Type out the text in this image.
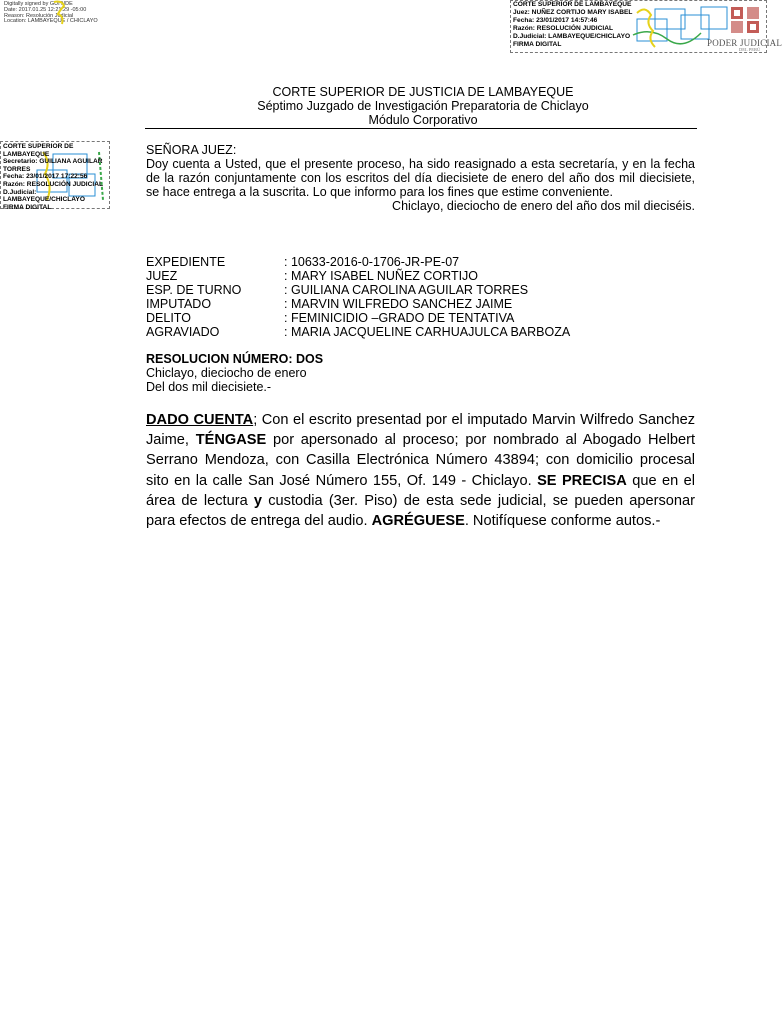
Digitally signed by GUI NDE
Date: 2017.01.25 12:21:29 -05:00
Reason: Resolución Judicial
Location: LAMBAYEQUE / CHICLAYO
CORTE SUPERIOR DE LAMBAYEQUE
Juez: NUÑEZ CORTIJO MARY ISABEL
Fecha: 23/01/2017 14:57:46
Razón: RESOLUCIÓN JUDICIAL
D.Judicial: LAMBAYEQUE/CHICLAYO
FIRMA DIGITAL	PODER JUDICIAL
DEL PERÚ
CORTE SUPERIOR DE
LAMBAYEQUE
Secretario: GUILIANA AGUILAR
TORRES
Fecha: 23/01/2017 17:22:56
Razón: RESOLUCIÓN JUDICIAL
D.Judicial:
LAMBAYEQUE/CHICLAYO
FIRMA DIGITAL
CORTE SUPERIOR DE JUSTICIA DE LAMBAYEQUE
Séptimo Juzgado de Investigación Preparatoria de Chiclayo
Módulo Corporativo
SEÑORA JUEZ:
Doy cuenta a Usted, que el presente proceso, ha sido reasignado a esta secretaría, y en la fecha de la razón conjuntamente con los escritos del día diecisiete de enero del año dos mil diecisiete, se hace entrega a la suscrita. Lo que informo para los fines que estime conveniente.
Chiclayo, dieciocho de enero del año dos mil dieciséis.
EXPEDIENTE	: 10633-2016-0-1706-JR-PE-07
JUEZ	: MARY ISABEL NUÑEZ CORTIJO
ESP. DE TURNO	: GUILIANA CAROLINA AGUILAR TORRES
IMPUTADO	: MARVIN WILFREDO SANCHEZ JAIME
DELITO	: FEMINICIDIO –GRADO DE TENTATIVA
AGRAVIADO	: MARIA JACQUELINE CARHUAJULCA BARBOZA
RESOLUCION NÚMERO: DOS
Chiclayo, dieciocho de enero
Del dos mil diecisiete.-
DADO CUENTA; Con el escrito presentad por el imputado Marvin Wilfredo Sanchez Jaime, TÉNGASE por apersonado al proceso; por nombrado al Abogado Helbert Serrano Mendoza, con Casilla Electrónica Número 43894; con domicilio procesal sito en la calle San José Número 155, Of. 149 - Chiclayo. SE PRECISA que en el área de lectura y custodia (3er. Piso) de esta sede judicial, se pueden apersonar para efectos de entrega del audio. AGRÉGUESE. Notifíquese conforme autos.-
